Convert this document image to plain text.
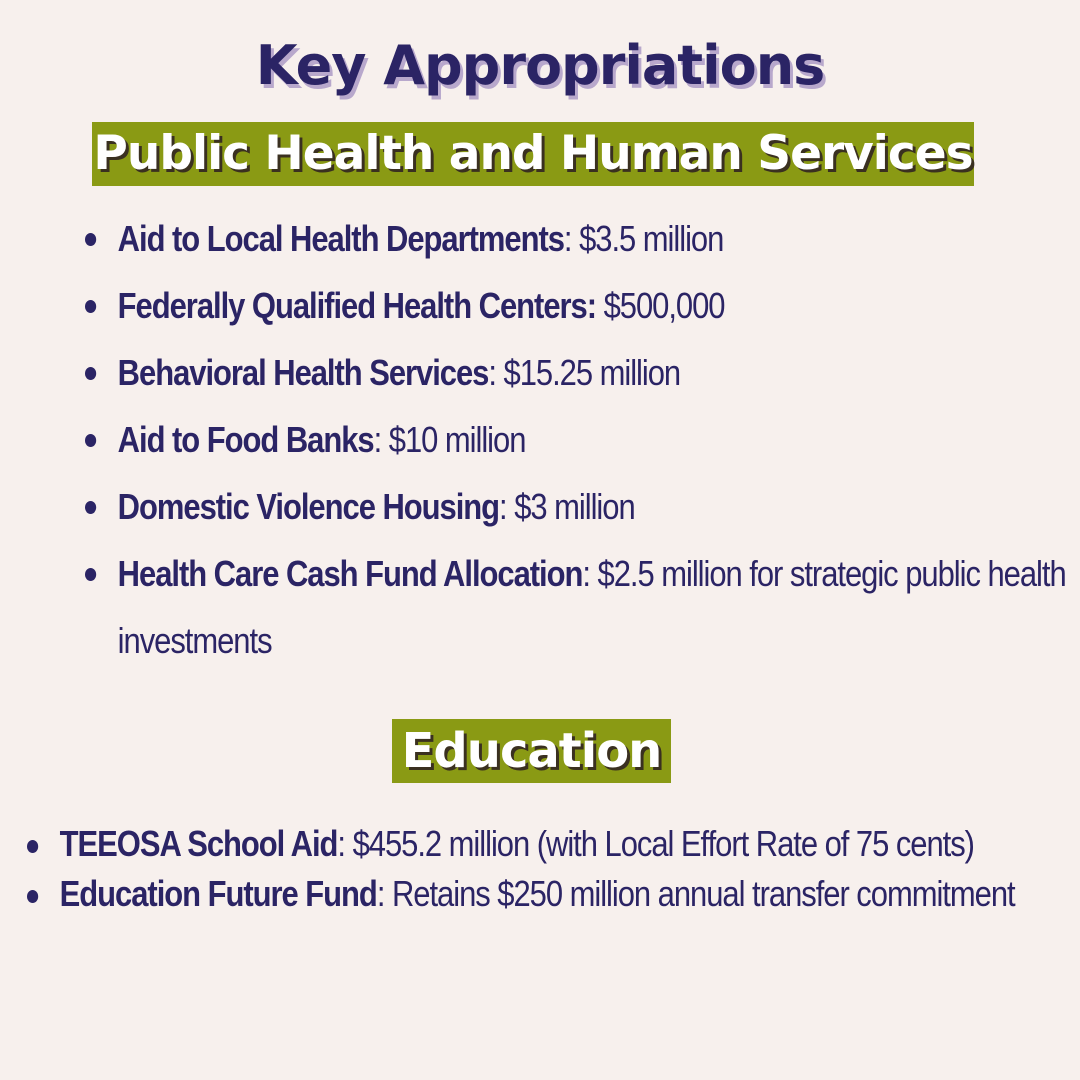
Key Appropriations
Public Health and Human Services
Aid to Local Health Departments: $3.5 million
Federally Qualified Health Centers: $500,000
Behavioral Health Services: $15.25 million
Aid to Food Banks: $10 million
Domestic Violence Housing: $3 million
Health Care Cash Fund Allocation: $2.5 million for strategic public health investments
Education
TEEOSA School Aid: $455.2 million (with Local Effort Rate of 75 cents)
Education Future Fund: Retains $250 million annual transfer commitment
